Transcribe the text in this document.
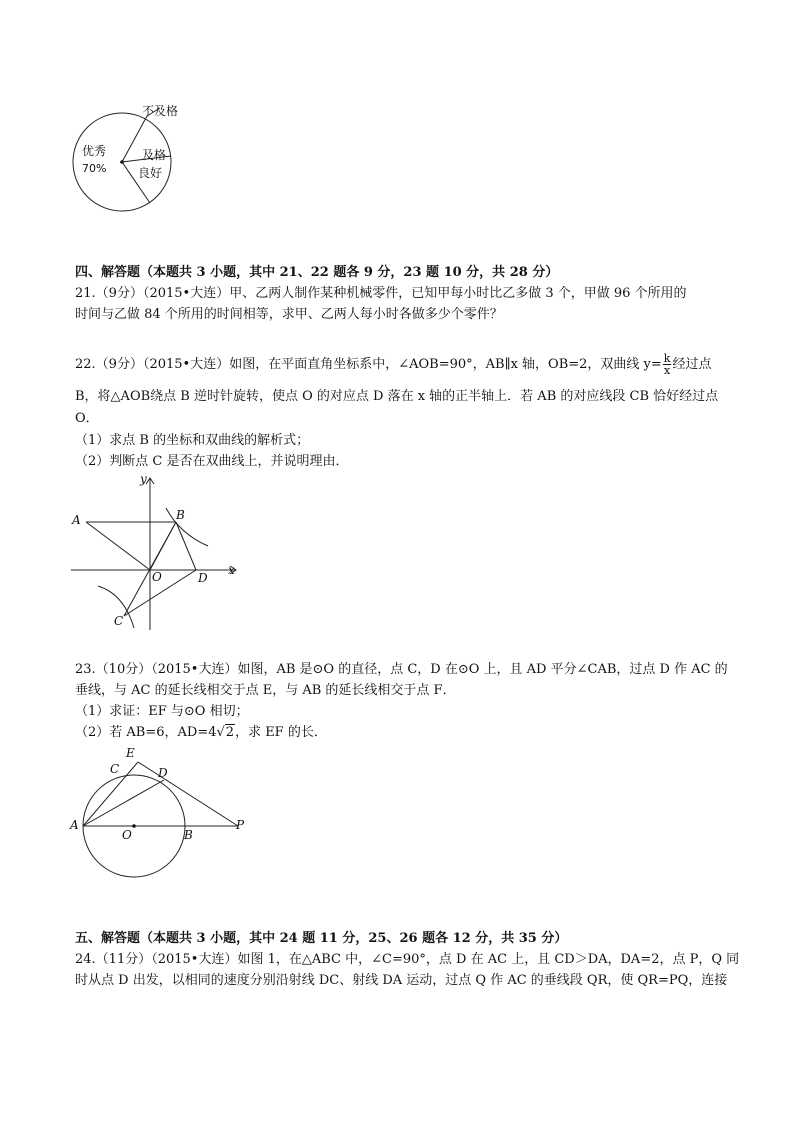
不及格
优秀
70%
及格
良好
四、解答题（本题共 3 小题，其中 21、22 题各 9 分，23 题 10 分，共 28 分）
21.（9分）（2015•大连）甲、乙两人制作某种机械零件，已知甲每小时比乙多做 3 个，甲做 96 个所用的
时间与乙做 84 个所用的时间相等，求甲、乙两人每小时各做多少个零件？
22.（9分）（2015•大连）如图，在平面直角坐标系中，∠AOB=90°，AB∥x 轴，OB=2，双曲线 $y= \frac{k}{x}$ 经过点
B，将△AOB绕点 B 逆时针旋转，使点 O 的对应点 D 落在 x 轴的正半轴上．若 AB 的对应线段 CB 恰好经过点
O．
（1）求点 B 的坐标和双曲线的解析式；
（2）判断点 C 是否在双曲线上，并说明理由．
y
x
A	B
O	D
C
23.（10分）（2015•大连）如图，AB 是⊙O 的直径，点 C，D 在⊙O 上，且 AD 平分∠CAB，过点 D 作 AC 的
垂线，与 AC 的延长线相交于点 E，与 AB 的延长线相交于点 F．
（1）求证：EF 与⊙O 相切；
（2）若 AB=6，AD=4√2，求 EF 的长．
E
C	D
A
O	B
P
五、解答题（本题共 3 小题，其中 24 题 11 分，25、26 题各 12 分，共 35 分）
24.（11分）（2015•大连）如图 1，在△ABC 中，∠C=90°，点 D 在 AC 上，且 CD＞DA，DA=2，点 P，Q 同
时从点 D 出发，以相同的速度分别沿射线 DC、射线 DA 运动，过点 Q 作 AC 的垂线段 QR，使 QR=PQ，连接
